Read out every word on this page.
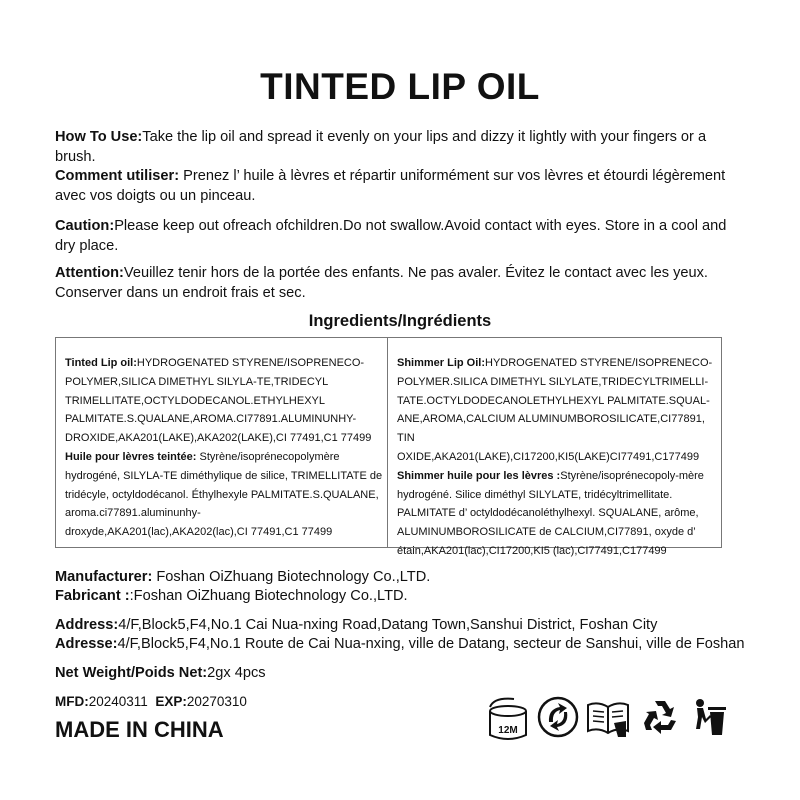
TINTED LIP OIL
How To Use:Take the lip oil and spread it evenly on your lips and dizzy it lightly with your fingers or a brush.
Comment utiliser: Prenez l’ huile à lèvres et répartir uniformément sur vos lèvres et étourdi légèrement avec vos doigts ou un pinceau.
Caution:Please keep out ofreach ofchildren.Do not swallow.Avoid contact with eyes. Store in a cool and dry place.
Attention:Veuillez tenir hors de la portée des enfants. Ne pas avaler. Évitez le contact avec les yeux. Conserver dans un endroit frais et sec.
Ingredients/Ingrédients
Tinted Lip oil:HYDROGENATED STYRENE/ISOPRENECO-POLYMER,SILICA DIMETHYL SILYLA-TE,TRIDECYL TRIMELLITATE,OCTYLDODECANOL.ETHYLHEXYL PALMITATE.S.QUALANE,AROMA.CI77891.ALUMINUNHY-DROXIDE,AKA201(LAKE),AKA202(LAKE),CI 77491,C1 77499
Huile pour lèvres teintée: Styrène/isoprénecopolymère hydrogéné, SILYLA-TE diméthylique de silice, TRIMELLITATE de tridécyle, octyldodécanol. Éthylhexyle PALMITATE.S.QUALANE, aroma.ci77891.aluminunhy-droxyde,AKA201(lac),AKA202(lac),CI 77491,C1 77499
Shimmer Lip Oil:HYDROGENATED STYRENE/ISOPRENECO-POLYMER.SILICA DIMETHYL SILYLATE,TRIDECYLTRIMELLI-TATE.OCTYLDODECANOLETHYLHEXYL PALMITATE.SQUAL-ANE,AROMA,CALCIUM ALUMINUMBOROSILICATE,CI77891, TIN OXIDE,AKA201(LAKE),CI17200,KI5(LAKE)CI77491,C177499
Shimmer huile pour les lèvres :Styrène/isoprénecopoly-mère hydrogéné. Silice diméthyl SILYLATE, tridécyltrimellitate. PALMITATE d’ octyldodécanoléthylhexyl. SQUALANE, arôme, ALUMINUMBOROSILICATE de CALCIUM,CI77891, oxyde d’ étain,AKA201(lac),CI17200,KI5 (lac),CI77491,C177499
Manufacturer: Foshan OiZhuang Biotechnology Co.,LTD.
Fabricant ::Foshan OiZhuang Biotechnology Co.,LTD.
Address:4/F,Block5,F4,No.1 Cai Nua-nxing Road,Datang Town,Sanshui District, Foshan City
Adresse:4/F,Block5,F4,No.1 Route de Cai Nua-nxing, ville de Datang, secteur de Sanshui, ville de Foshan
Net Weight/Poids Net:2gx 4pcs
MFD:20240311 EXP:20270310
MADE IN CHINA	12M
